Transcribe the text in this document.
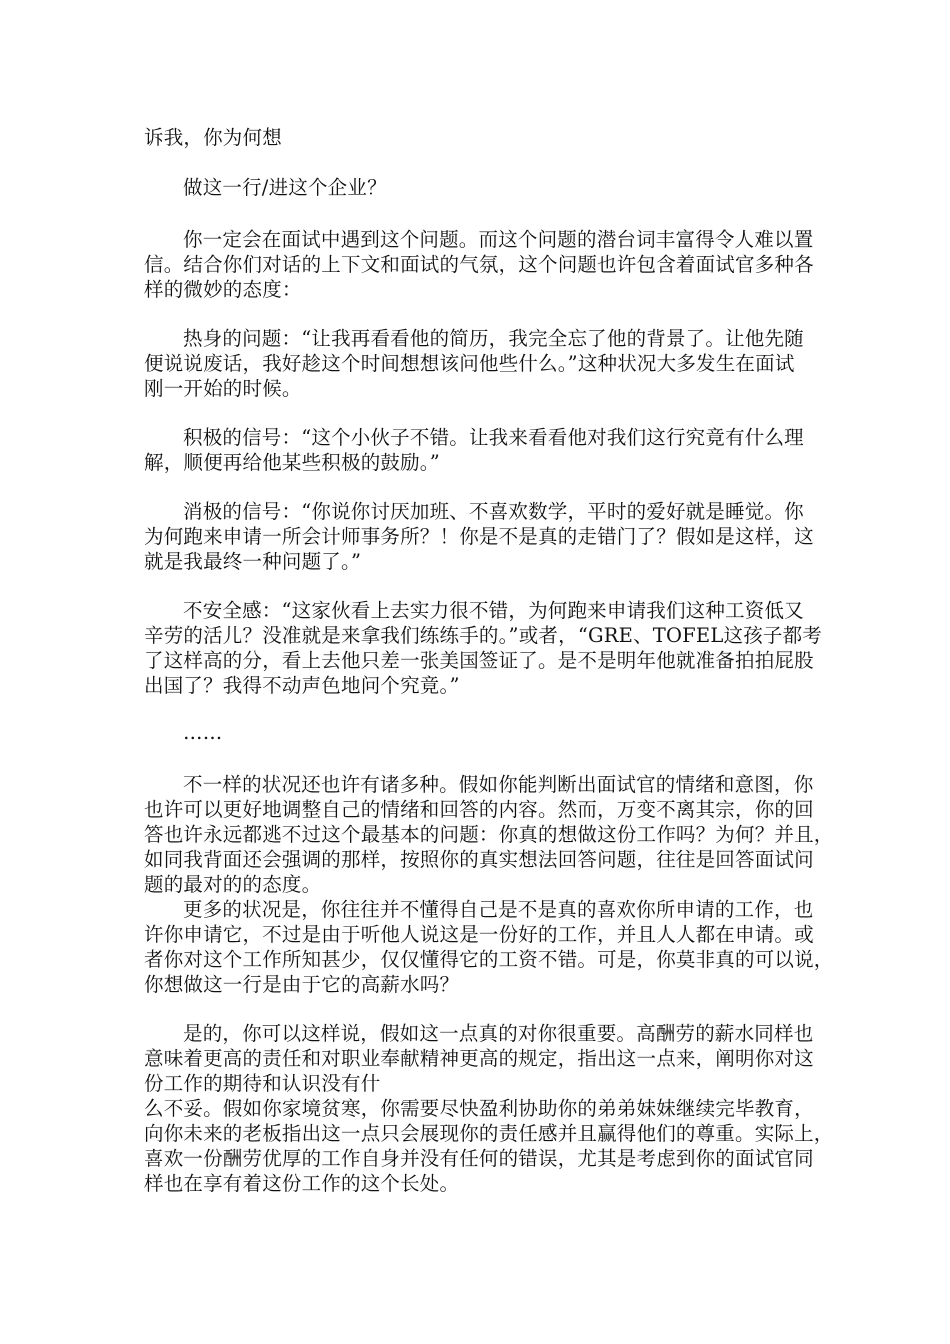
诉我，你为何想
做这一行/进这个企业？
你一定会在面试中遇到这个问题。而这个问题的潜台词丰富得令人难以置
信。结合你们对话的上下文和面试的气氛，这个问题也许包含着面试官多种各
样的微妙的态度：
热身的问题：“让我再看看他的简历，我完全忘了他的背景了。让他先随
便说说废话，我好趁这个时间想想该问他些什么。”这种状况大多发生在面试
刚一开始的时候。
积极的信号：“这个小伙子不错。让我来看看他对我们这行究竟有什么理
解，顺便再给他某些积极的鼓励。”
消极的信号：“你说你讨厌加班、不喜欢数学，平时的爱好就是睡觉。你
为何跑来申请一所会计师事务所？！你是不是真的走错门了？假如是这样，这
就是我最终一种问题了。”
不安全感：“这家伙看上去实力很不错，为何跑来申请我们这种工资低又
辛劳的活儿？没准就是来拿我们练练手的。”或者，“GRE、TOFEL这孩子都考
了这样高的分，看上去他只差一张美国签证了。是不是明年他就准备拍拍屁股
出国了？我得不动声色地问个究竟。”
……
不一样的状况还也许有诸多种。假如你能判断出面试官的情绪和意图，你
也许可以更好地调整自己的情绪和回答的内容。然而，万变不离其宗，你的回
答也许永远都逃不过这个最基本的问题：你真的想做这份工作吗？为何？并且，
如同我背面还会强调的那样，按照你的真实想法回答问题，往往是回答面试问
题的最对的的态度。
更多的状况是，你往往并不懂得自己是不是真的喜欢你所申请的工作，也
许你申请它，不过是由于听他人说这是一份好的工作，并且人人都在申请。或
者你对这个工作所知甚少，仅仅懂得它的工资不错。可是，你莫非真的可以说，
你想做这一行是由于它的高薪水吗？
是的，你可以这样说，假如这一点真的对你很重要。高酬劳的薪水同样也
意味着更高的责任和对职业奉献精神更高的规定，指出这一点来，阐明你对这
份工作的期待和认识没有什
么不妥。假如你家境贫寒，你需要尽快盈利协助你的弟弟妹妹继续完毕教育，
向你未来的老板指出这一点只会展现你的责任感并且赢得他们的尊重。实际上，
喜欢一份酬劳优厚的工作自身并没有任何的错误，尤其是考虑到你的面试官同
样也在享有着这份工作的这个长处。
